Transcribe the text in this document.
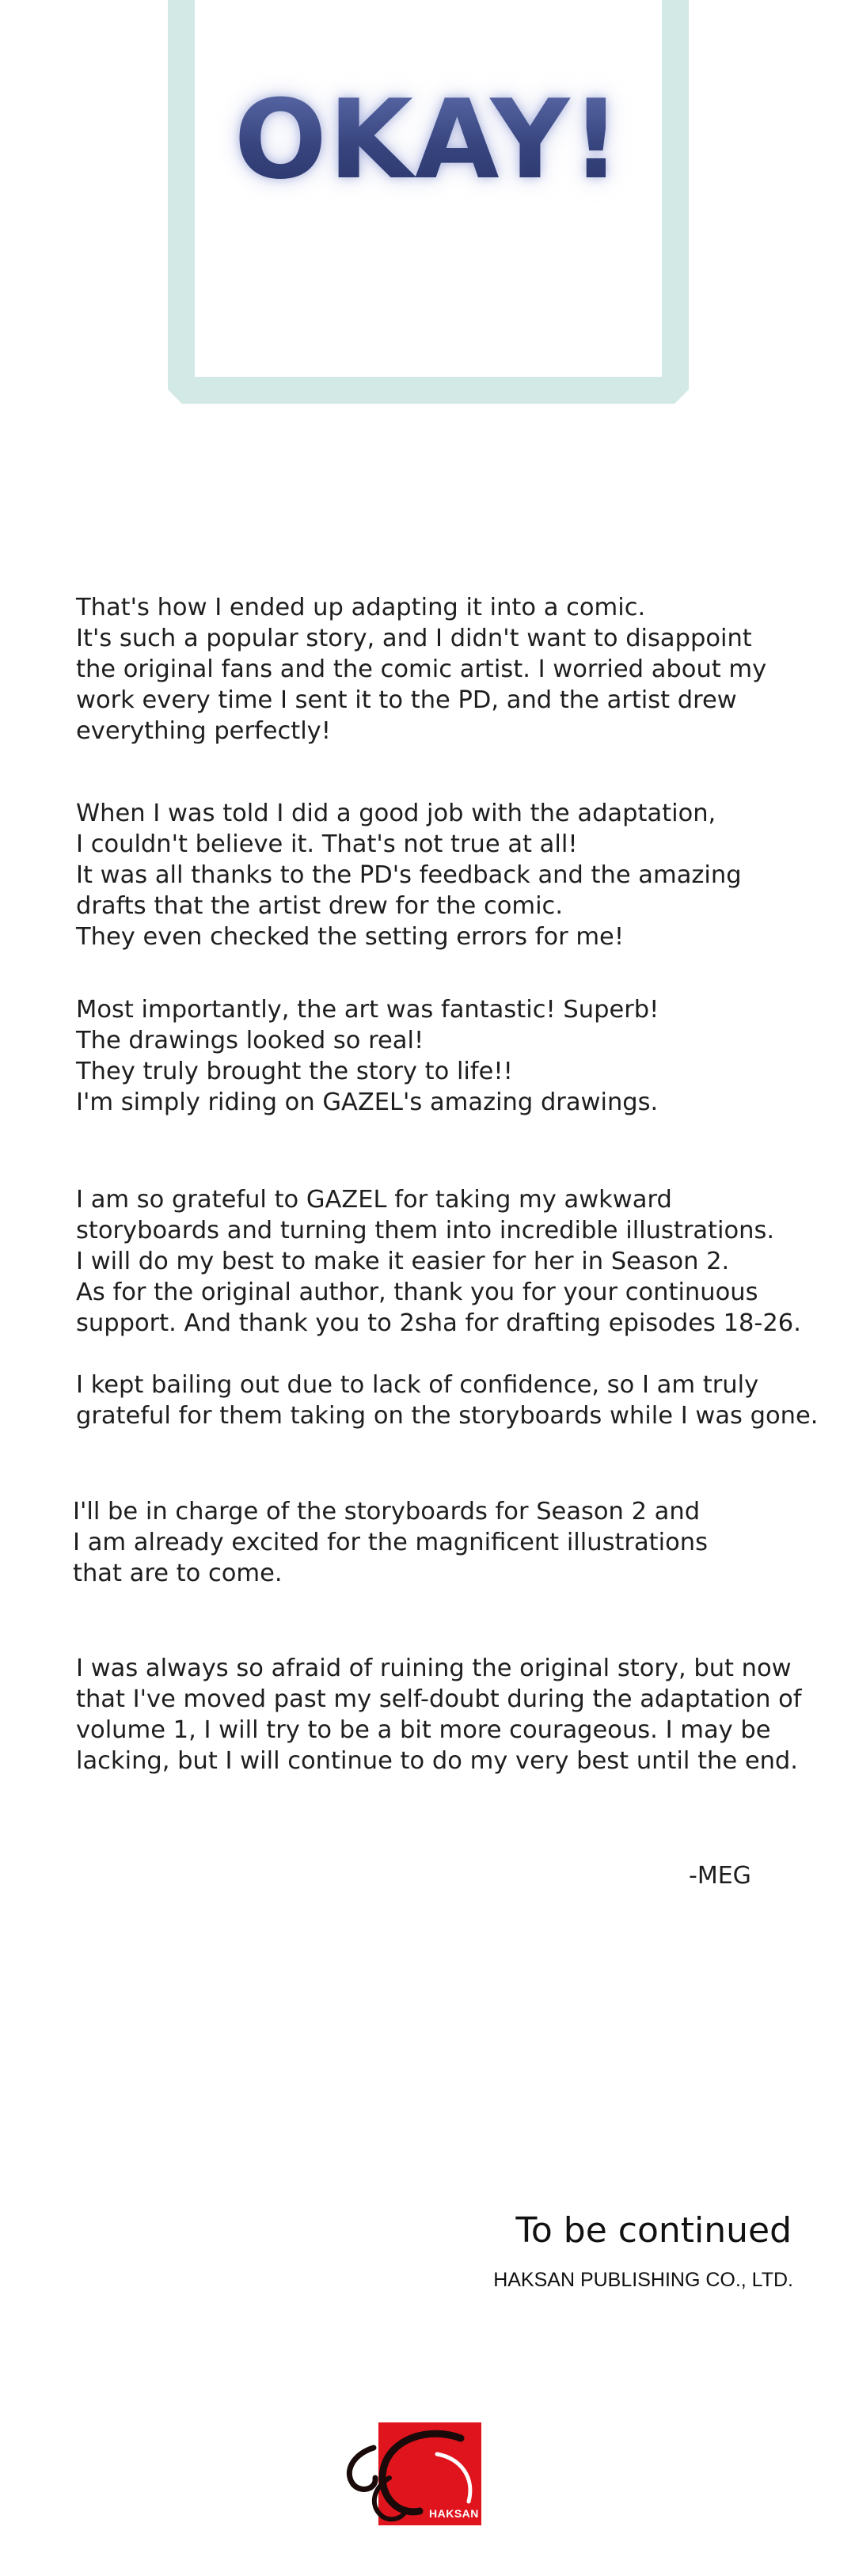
OKAY!
That's how I ended up adapting it into a comic.
It's such a popular story, and I didn't want to disappoint
the original fans and the comic artist. I worried about my
work every time I sent it to the PD, and the artist drew
everything perfectly!
When I was told I did a good job with the adaptation,
I couldn't believe it. That's not true at all!
It was all thanks to the PD's feedback and the amazing
drafts that the artist drew for the comic.
They even checked the setting errors for me!
Most importantly, the art was fantastic! Superb!
The drawings looked so real!
They truly brought the story to life!!
I'm simply riding on GAZEL's amazing drawings.
I am so grateful to GAZEL for taking my awkward
storyboards and turning them into incredible illustrations.
I will do my best to make it easier for her in Season 2.
As for the original author, thank you for your continuous
support. And thank you to 2sha for drafting episodes 18-26.
I kept bailing out due to lack of confidence, so I am truly
grateful for them taking on the storyboards while I was gone.
I'll be in charge of the storyboards for Season 2 and
I am already excited for the magnificent illustrations
that are to come.
I was always so afraid of ruining the original story, but now
that I've moved past my self-doubt during the adaptation of
volume 1, I will try to be a bit more courageous. I may be
lacking, but I will continue to do my very best until the end.
-MEG
To be continued
HAKSAN PUBLISHING CO., LTD.
HAKSAN
